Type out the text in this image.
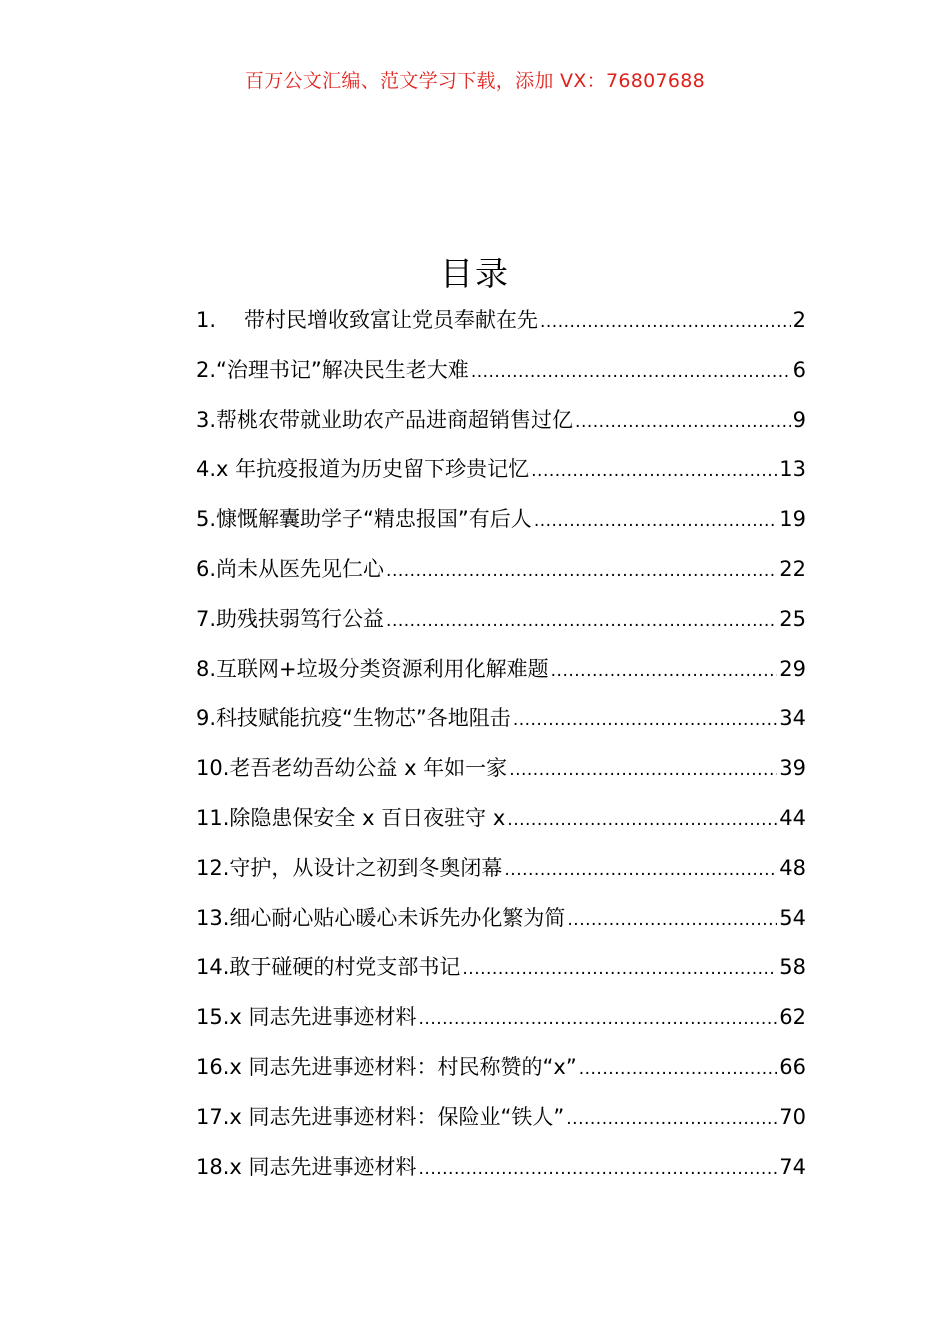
百万公文汇编、范文学习下载，添加 VX：76807688
目录
1.	带村民增收致富让党员奉献在先 .....	2
2. “治理书记”解决民生老大难 .....	6
3. 帮桃农带就业助农产品进商超销售过亿 .....	9
4. x 年抗疫报道为历史留下珍贵记忆 .....	13
5. 慷慨解囊助学子“精忠报国”有后人 .....	19
6. 尚未从医先见仁心 .....	22
7. 助残扶弱笃行公益 .....	25
8. 互联网+垃圾分类资源利用化解难题 .....	29
9. 科技赋能抗疫“生物芯”各地阻击 .....	34
10. 老吾老幼吾幼公益 x 年如一家 .....	39
11. 除隐患保安全 x 百日夜驻守 x .....	44
12. 守护，从设计之初到冬奥闭幕 .....	48
13. 细心耐心贴心暖心未诉先办化繁为简 .....	54
14. 敢于碰硬的村党支部书记 .....	58
15. x 同志先进事迹材料 .....	62
16. x 同志先进事迹材料：村民称赞的“x” .....	66
17. x 同志先进事迹材料：保险业“铁人” .....	70
18. x 同志先进事迹材料 .....	74
